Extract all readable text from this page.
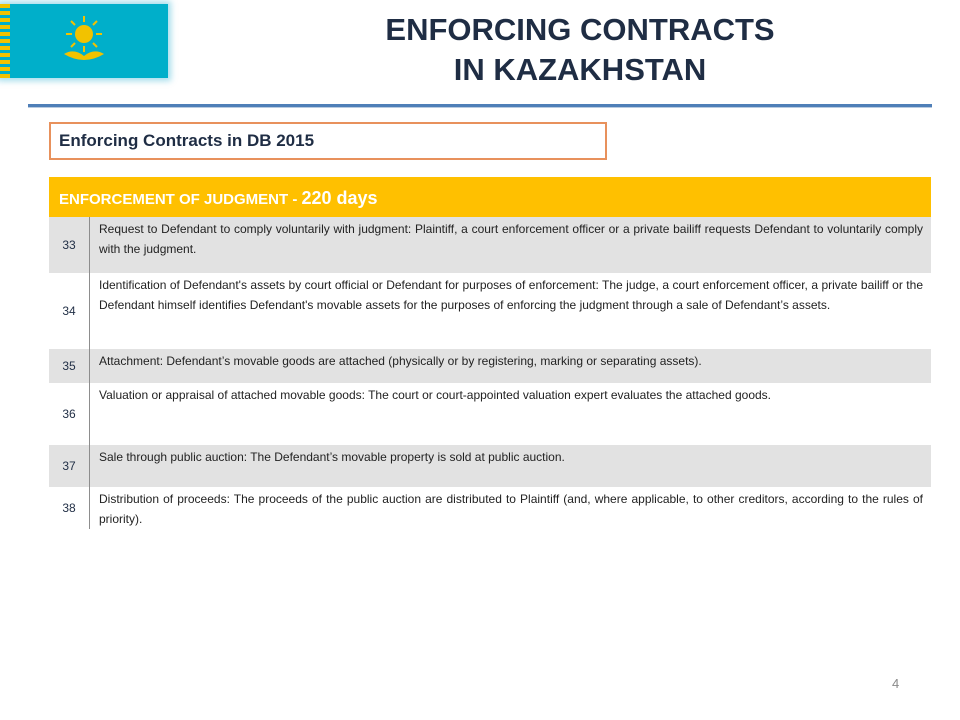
ENFORCING CONTRACTS
IN KAZAKHSTAN
Enforcing Contracts in DB 2015
ENFORCEMENT OF JUDGMENT - 220 days
33
Request to Defendant to comply voluntarily with judgment: Plaintiff, a court enforcement officer or a private bailiff requests Defendant to voluntarily comply with the judgment.
34
Identification of Defendant's assets by court official or Defendant for purposes of enforcement: The judge, a court enforcement officer, a private bailiff or the Defendant himself identifies Defendant's movable assets for the purposes of enforcing the judgment through a sale of Defendant’s assets.
35	Attachment: Defendant’s movable goods are attached (physically or by registering, marking or separating assets).
36
Valuation or appraisal of attached movable goods: The court or court-appointed valuation expert evaluates the attached goods.
37
Sale through public auction: The Defendant’s movable property is sold at public auction.
38
Distribution of proceeds: The proceeds of the public auction are distributed to Plaintiff (and, where applicable, to other creditors, according to the rules of priority).
4
